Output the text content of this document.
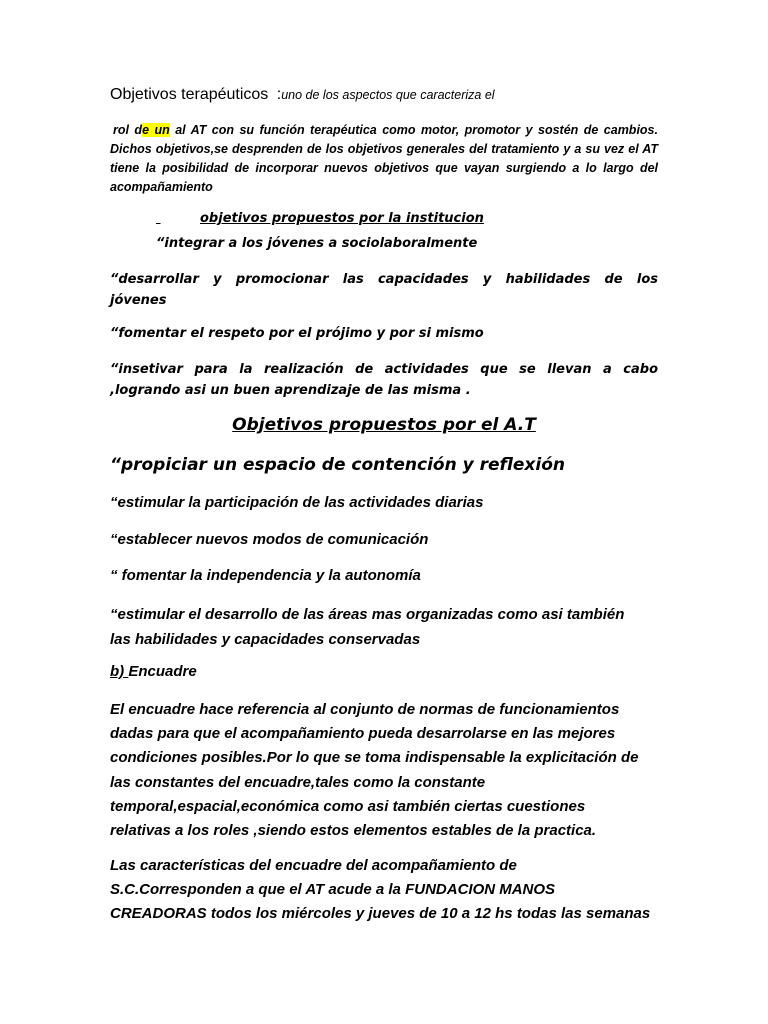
Objetivos terapéuticos :uno de los aspectos que caracteriza el
rol de un al AT con su función terapéutica como motor, promotor y sostén de cambios.
Dichos objetivos,se desprenden de los objetivos generales del tratamiento y a su vez el AT
tiene la posibilidad de incorporar nuevos objetivos que vayan surgiendo a lo largo del
acompañamiento
objetivos propuestos por la institucion
“integrar a los jóvenes a sociolaboralmente
“desarrollar y promocionar las capacidades y habilidades de los
jóvenes
“fomentar el respeto por el prójimo y por si mismo
“insetivar para la realización de actividades que se llevan a cabo
,logrando asi un buen aprendizaje de las misma .
Objetivos propuestos por el A.T
“propiciar un espacio de contención y reflexión
“estimular la participación de las actividades diarias
“establecer nuevos modos de comunicación
“ fomentar la independencia y la autonomía
“estimular el desarrollo de las áreas mas organizadas como asi también
las habilidades y capacidades conservadas
b) Encuadre
El encuadre hace referencia al conjunto de normas de funcionamientos
dadas para que el acompañamiento pueda desarrolarse en las mejores
condiciones posibles.Por lo que se toma indispensable la explicitación de
las constantes del encuadre,tales como la constante
temporal,espacial,económica como asi también ciertas cuestiones
relativas a los roles ,siendo estos elementos estables de la practica.
Las características del encuadre del acompañamiento de
S.C.Corresponden a que el AT acude a la FUNDACION MANOS
CREADORAS todos los miércoles y jueves de 10 a 12 hs todas las semanas
